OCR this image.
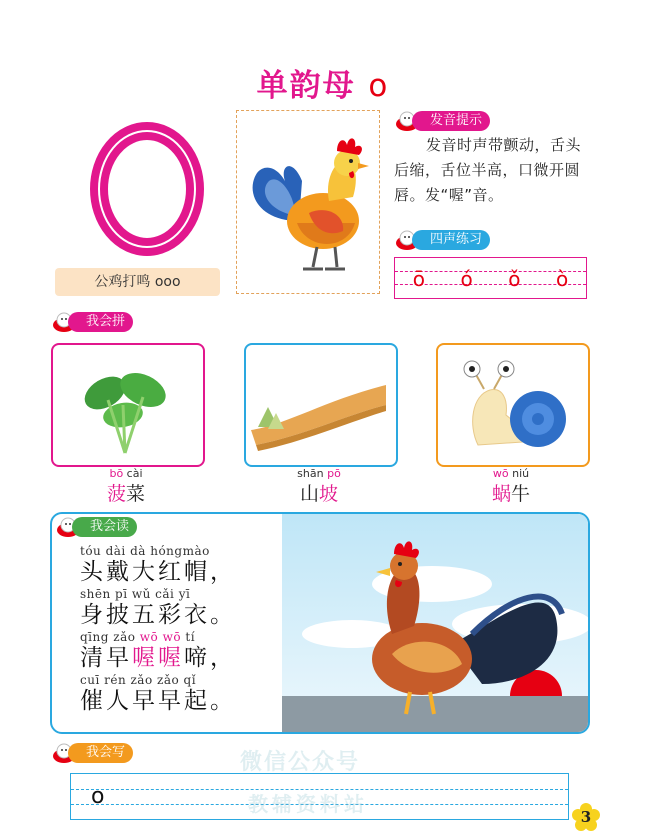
单韵母 o
公鸡打鸣 ooo
发音提示
发音时声带颤动，舌头后缩，舌位半高，口微开圆唇。发“喔”音。
四声练习
ō ó ǒ ò
我会拼
bō cài
菠菜
shān pō
山坡
wō niú
蜗牛
我会读
tóu dài dà hóngmào
头戴大红帽，
shēn pī wǔ cǎi yī
身披五彩衣。
qīng zǎo wō wō tí
清早喔喔啼，
cuī rén zǎo zǎo qǐ
催人早早起。
我会写	微信公众号
o	教辅资料站
3
